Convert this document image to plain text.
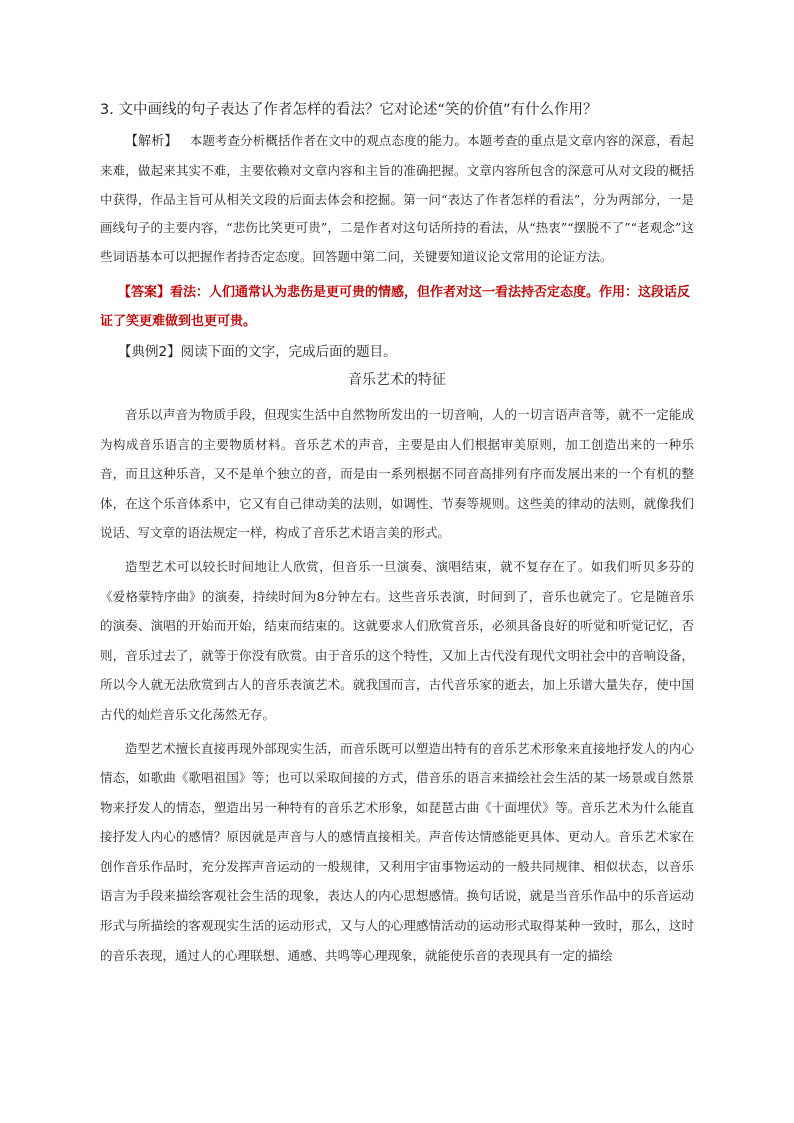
3. 文中画线的句子表达了作者怎样的看法？它对论述“笑的价值”有什么作用？

【解析】 本题考查分析概括作者在文中的观点态度的能力。本题考查的重点是文章内容的深意，看起来难，做起来其实不难，主要依赖对文章内容和主旨的准确把握。文章内容所包含的深意可从对文段的概括中获得，作品主旨可从相关文段的后面去体会和挖掘。第一问“表达了作者怎样的看法”，分为两部分，一是画线句子的主要内容，“悲伤比笑更可贵”，二是作者对这句话所持的看法，从“热衷”“摆脱不了”“老观念”这些词语基本可以把握作者持否定态度。回答题中第二问，关键要知道议论文常用的论证方法。

【答案】看法：人们通常认为悲伤是更可贵的情感，但作者对这一看法持否定态度。作用：这段话反证了笑更难做到也更可贵。

【典例2】阅读下面的文字，完成后面的题目。

音乐艺术的特征

音乐以声音为物质手段，但现实生活中自然物所发出的一切音响，人的一切言语声音等，就不一定能成为构成音乐语言的主要物质材料。音乐艺术的声音，主要是由人们根据审美原则，加工创造出来的一种乐音，而且这种乐音，又不是单个独立的音，而是由一系列根据不同音高排列有序而发展出来的一个有机的整体，在这个乐音体系中，它又有自己律动美的法则，如调性、节奏等规则。这些美的律动的法则，就像我们说话、写文章的语法规定一样，构成了音乐艺术语言美的形式。

造型艺术可以较长时间地让人欣赏，但音乐一旦演奏、演唱结束，就不复存在了。如我们听贝多芬的《爱格蒙特序曲》的演奏，持续时间为8分钟左右。这些音乐表演，时间到了，音乐也就完了。它是随音乐的演奏、演唱的开始而开始，结束而结束的。这就要求人们欣赏音乐，必须具备良好的听觉和听觉记忆，否则，音乐过去了，就等于你没有欣赏。由于音乐的这个特性，又加上古代没有现代文明社会中的音响设备，所以今人就无法欣赏到古人的音乐表演艺术。就我国而言，古代音乐家的逝去，加上乐谱大量失存，使中国古代的灿烂音乐文化荡然无存。

造型艺术擅长直接再现外部现实生活，而音乐既可以塑造出特有的音乐艺术形象来直接地抒发人的内心情态，如歌曲《歌唱祖国》等；也可以采取间接的方式，借音乐的语言来描绘社会生活的某一场景或自然景物来抒发人的情态，塑造出另一种特有的音乐艺术形象，如琵琶古曲《十面埋伏》等。音乐艺术为什么能直接抒发人内心的感情？原因就是声音与人的感情直接相关。声音传达情感能更具体、更动人。音乐艺术家在创作音乐作品时，充分发挥声音运动的一般规律，又利用宇宙事物运动的一般共同规律、相似状态，以音乐语言为手段来描绘客观社会生活的现象，表达人的内心思想感情。换句话说，就是当音乐作品中的乐音运动形式与所描绘的客观现实生活的运动形式，又与人的心理感情活动的运动形式取得某种一致时，那么，这时的音乐表现，通过人的心理联想、通感、共鸣等心理现象，就能使乐音的表现具有一定的描绘
